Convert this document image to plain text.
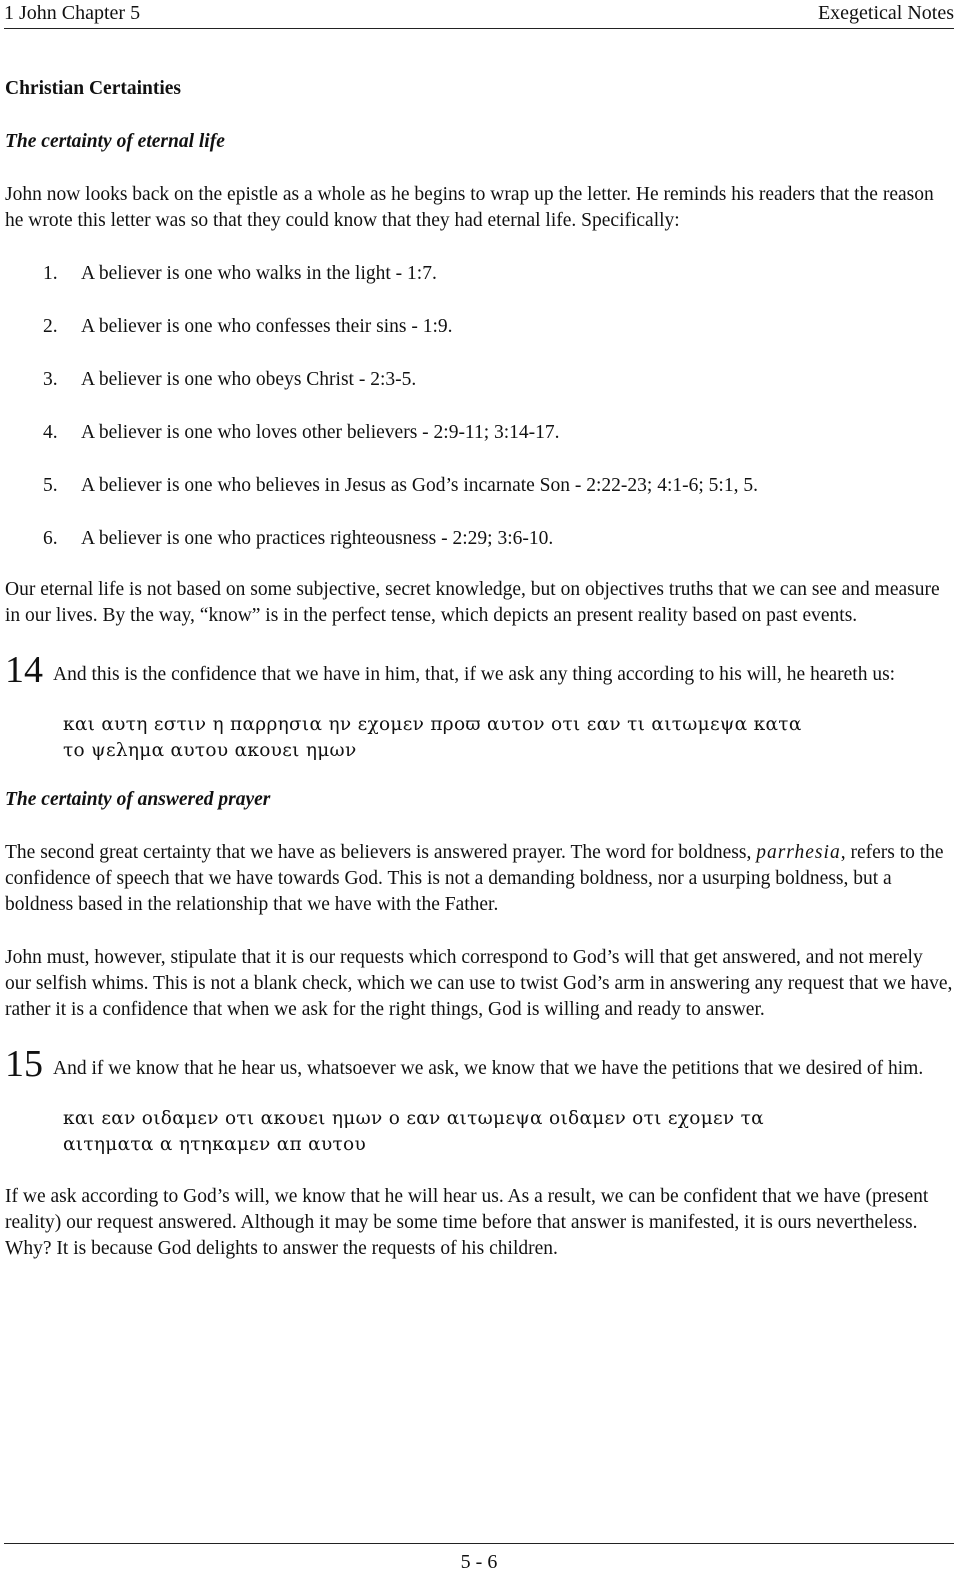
1 John Chapter 5	Exegetical Notes

Christian Certainties

The certainty of eternal life

John now looks back on the epistle as a whole as he begins to wrap up the letter. He reminds his readers that the reason he wrote this letter was so that they could know that they had eternal life. Specifically:

1. A believer is one who walks in the light - 1:7.
2. A believer is one who confesses their sins - 1:9.
3. A believer is one who obeys Christ - 2:3-5.
4. A believer is one who loves other believers - 2:9-11; 3:14-17.
5. A believer is one who believes in Jesus as God’s incarnate Son - 2:22-23; 4:1-6; 5:1, 5.
6. A believer is one who practices righteousness - 2:29; 3:6-10.

Our eternal life is not based on some subjective, secret knowledge, but on objectives truths that we can see and measure in our lives. By the way, “know” is in the perfect tense, which depicts an present reality based on past events.

14 And this is the confidence that we have in him, that, if we ask any thing according to his will, he heareth us:

και αυτη εστιν η παρρησια ην εχομεν προϖ αυτον οτι εαν τι αιτωμεψα κατα
το ψελημα αυτου ακουει ημων

The certainty of answered prayer

The second great certainty that we have as believers is answered prayer. The word for boldness, parrhesia, refers to the confidence of speech that we have towards God. This is not a demanding boldness, nor a usurping boldness, but a boldness based in the relationship that we have with the Father.

John must, however, stipulate that it is our requests which correspond to God’s will that get answered, and not merely our selfish whims. This is not a blank check, which we can use to twist God’s arm in answering any request that we have, rather it is a confidence that when we ask for the right things, God is willing and ready to answer.

15 And if we know that he hear us, whatsoever we ask, we know that we have the petitions that we desired of him.

και εαν οιδαμεν οτι ακουει ημων ο εαν αιτωμεψα οιδαμεν οτι εχομεν τα
αιτηματα α ητηκαμεν απ αυτου

If we ask according to God’s will, we know that he will hear us. As a result, we can be confident that we have (present reality) our request answered. Although it may be some time before that answer is manifested, it is ours nevertheless. Why? It is because God delights to answer the requests of his children.

5 - 6
